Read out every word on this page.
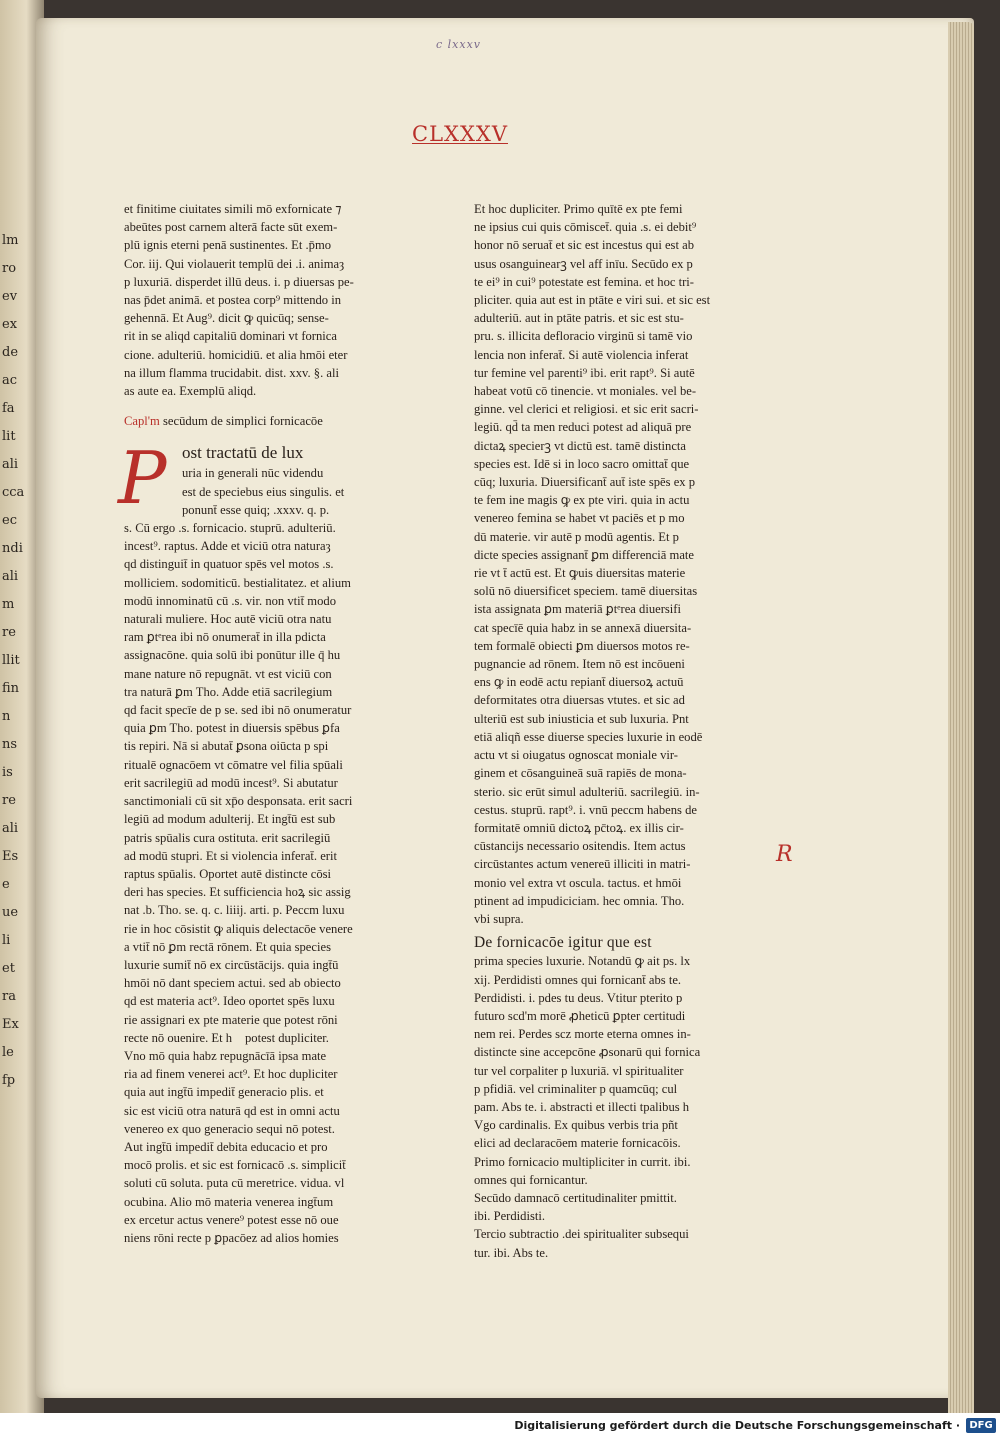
lm
ro
ev
ex
de
ac
fa
lit
ali
cca
ec
ndi
ali
m
re
llit
fin
n
ns
is
re
ali
Es
e
ue
li
et
ra
Ex
le
fp
c lxxxv
CLXXXV
et finitime ciuitates simili mō exfornicate ⁊
abeūtes post carnem alterā facte sūt exem-
plū ignis eterni penā sustinentes. Et .p̄mo
Cor. iij. Qui violauerit templū dei .i. animaȝ
p luxuriā. disperdet illū deus. i. p diuersas pe-
nas p̄det animā. et postea corp⁹ mittendo in
gehennā. Et Aug⁹. dicit ꝙ quicūq; sense-
rit in se aliqd capitaliū dominari vt fornica
cione. adulteriū. homicidiū. et alia hmōi eter
na illum flamma trucidabit. dist. xxv. §. ali
as aute ea. Exemplū aliqd.
Capl'm secūdum de simplici fornicacōe
P ost tractatū de lux
uria in generali nūc videndu
est de speciebus eius singulis. et
ponunt̄ esse quiq; .xxxv. q. p.
s. Cū ergo .s. fornicacio. stuprū. adulteriū.
incest⁹. raptus. Adde et viciū otra naturaȝ
qd distinguit̄ in quatuor spēs vel motos .s.
molliciem. sodomiticū. bestialitatez. et alium
modū innominatū cū .s. vir. non vtit̄ modo
naturali muliere. Hoc autē viciū otra natu
ram ꝑtᵉrea ibi nō onumerat̄ in illa pdicta
assignacōne. quia solū ibi ponūtur ille q̄ hu
mane nature nō repugnāt. vt est viciū con
tra naturā ꝑm Tho. Adde etiā sacrilegium
qd facit specīe de p se. sed ibi nō onumeratur
quia ꝑm Tho. potest in diuersis spēbus ꝑfa
tis repiri. Nā si abutat̄ ꝑsona oiūcta p spi
ritualē ognacōem vt cōmatre vel filia spūali
erit sacrilegiū ad modū incest⁹. Si abutatur
sanctimoniali cū sit xp̄o desponsata. erit sacri
legiū ad modum adulterij. Et ingt̄ū est sub
patris spūalis cura ostituta. erit sacrilegiū
ad modū stupri. Et si violencia inferat̄. erit
raptus spūalis. Oportet autē distincte cōsi
deri has species. Et sufficiencia hoꝝ sic assig
nat .b. Tho. se. q. c. liiij. arti. p. Peccm luxu
rie in hoc cōsistit ꝙ aliquis delectacōe venere
a vtit̄ nō ꝑm rectā rōnem. Et quia species
luxurie sumit̄ nō ex circūstācijs. quia ingt̄ū
hmōi nō dant speciem actui. sed ab obiecto
qd est materia act⁹. Ideo oportet spēs luxu
rie assignari ex pte materie que potest rōni
recte nō ouenire. Et hᷣ potest dupliciter.
Vno mō quia habz repugnācīā ipsa mate
ria ad finem venerei act⁹. Et hoc dupliciter
quia aut ingt̄ū impedit̄ generacio plis. et
sic est viciū otra naturā qd est in omni actu
venereo ex quo generacio sequi nō potest.
Aut ingt̄ū impedit̄ debita educacio et pro
mocō prolis. et sic est fornicacō .s. simplicit̄
soluti cū soluta. puta cū meretrice. vidua. vl
ocubina. Alio mō materia venerea ingt̄um
ex ercetur actus venere⁹ potest esse nō oue
niens rōni recte p ꝑpacōez ad alios homies
Et hoc dupliciter. Primo quītē ex pte femi
ne ipsius cui quis cōmiscet̄. quia .s. ei debit⁹
honor nō seruat̄ et sic est incestus qui est ab
usus osanguinearꝫ vel aff inīu. Secūdo ex p
te ei⁹ in cui⁹ potestate est femina. et hoc tri-
pliciter. quia aut est in ptāte e viri sui. et sic est
adulteriū. aut in ptāte patris. et sic est stu-
pru. s. illicita defloracio virginū si tamē vio
lencia non inferat̄. Si autē violencia inferat
tur femine vel parenti⁹ ibi. erit rapt⁹. Si autē
habeat votū cō tinencie. vt moniales. vel be-
ginne. vel clerici et religiosi. et sic erit sacri-
legiū. qd̄ ta men reduci potest ad aliquā pre
dictaꝝ specierꝫ vt dictū est. tamē distincta
species est. Idē si in loco sacro omittat̄ que
cūq; luxuria. Diuersificant̄ aut̄ iste spēs ex p
te fem ine magis ꝙ ex pte viri. quia in actu
venereo femina se habet vt paciēs et p mo
dū materie. vir autē p modū agentis. Et pᷣ
dicte species assignant̄ ꝑm differenciā mate
rie vt t̄ actū est. Et ꝙuis diuersitas materie
solū nō diuersificet speciem. tamē diuersitas
ista assignata ꝑm materiā ꝑtᵉrea diuersifi
cat specīē quia habz in se annexā diuersita-
tem formalē obiecti ꝑm diuersos motos re-
pugnancie ad rōnem. Item nō est incōueni
ens ꝙ in eodē actu repiant̄ diuersoꝝ actuū
deformitates otra diuersas vtutes. et sic ad
ulteriū est sub iniusticia et sub luxuria. Pnt
etiā aliqñ esse diuerse species luxurie in eodē
actu vt si oiugatus ognoscat moniale vir-
ginem et cōsanguineā suā rapiēs de mona-
sterio. sic erūt simul adulteriū. sacrilegiū. in-
cestus. stuprū. rapt⁹. i. vnū peccm habens de
formitatē omniū dictoꝝ pc̄toꝝ. ex illis cir-
cūstancijs necessario ositendis. Item actus
circūstantes actum venereū illiciti in matri-
monio vel extra vt oscula. tactus. et hmōi
ptinent ad impudiciciam. hec omnia. Tho.
vbi supra.
De fornicacōe igitur que est
prima species luxurie. Notandū ꝙ ait ps. lx
xij. Perdidisti omnes qui fornicant̄ abs te.
Perdidisti. i. pdes tu deus. Vtitur pterito p
futuro scd'm morē ꝓheticū ꝑpter certitudi
nem rei. Perdes scz morte eterna omnes in-
distincte sine accepcōne ꝓsonarū qui fornica
tur vel corpaliter p luxuriā. vl spiritualiter
p pfidiā. vel criminaliter p quamcūq; cul
pam. Abs te. i. abstracti et illecti tpalibus hᷣ
Vgo cardinalis. Ex quibus verbis tria pñt
elici ad declaracōem materie fornicacōis.
Primo fornicacio multipliciter in currit. ibi.
omnes qui fornicantur.
Secūdo damnacō certitudinaliter pmittit.
ibi. Perdidisti.
Tercio subtractio .dei spiritualiter subsequi
tur. ibi. Abs te.
R
Digitalisierung gefördert durch die Deutsche Forschungsgemeinschaft · DFG
